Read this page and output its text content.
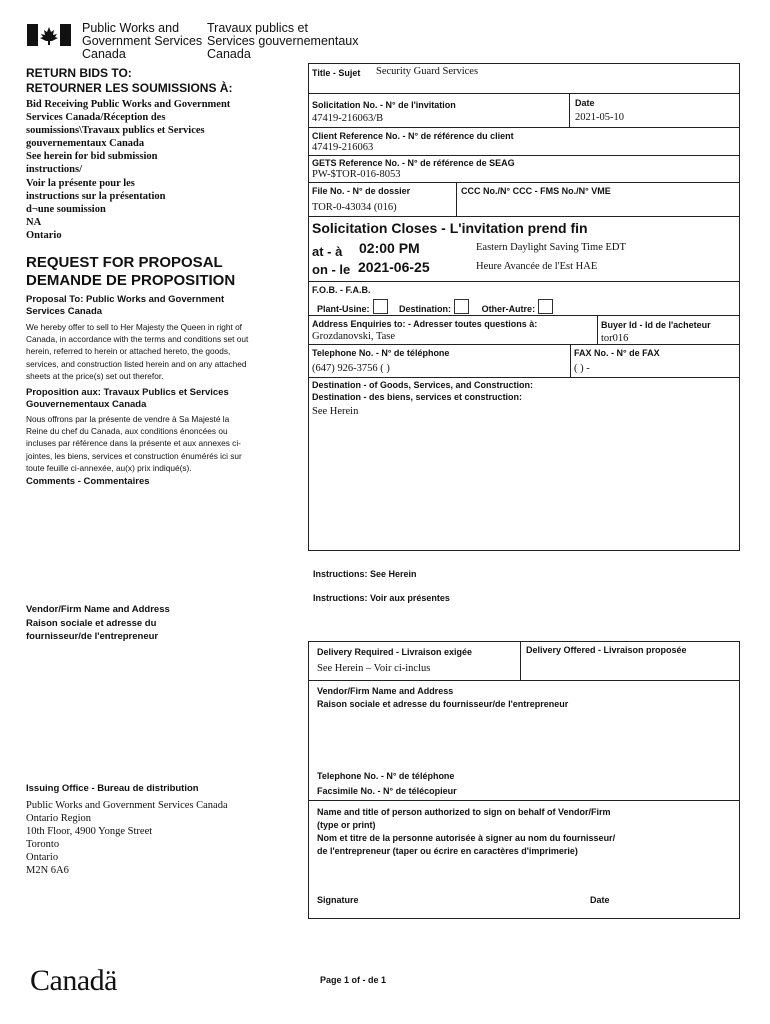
Public Works and
Government Services
Canada
Travaux publics et
Services gouvernementaux
Canada
RETURN BIDS TO:
RETOURNER LES SOUMISSIONS À:
Bid Receiving Public Works and Government
Services Canada/Réception des
soumissions\Travaux publics et Services
gouvernementaux Canada
See herein for bid submission
instructions/
Voir la présente pour les
instructions sur la présentation
d¬une soumission
NA
Ontario
REQUEST FOR PROPOSAL
DEMANDE DE PROPOSITION
Proposal To: Public Works and Government Services Canada
We hereby offer to sell to Her Majesty the Queen in right of Canada, in accordance with the terms and conditions set out herein, referred to herein or attached hereto, the goods, services, and construction listed herein and on any attached sheets at the price(s) set out therefor.
Proposition aux: Travaux Publics et Services Gouvernementaux Canada
Nous offrons par la présente de vendre à Sa Majesté la Reine du chef du Canada, aux conditions énoncées ou incluses par référence dans la présente et aux annexes ci-jointes, les biens, services et construction énumérés ici sur toute feuille ci-annexée, au(x) prix indiqué(s).
Comments - Commentaires
Vendor/Firm Name and Address
Raison sociale et adresse du
fournisseur/de l'entrepreneur
Issuing Office - Bureau de distribution
Public Works and Government Services Canada
Ontario Region
10th Floor, 4900 Yonge Street
Toronto
Ontario
M2N 6A6
Title - Sujet Security Guard Services
Solicitation No. - N° de l'invitation
47419-216063/B
Date
2021-05-10
Client Reference No. - N° de référence du client
47419-216063
GETS Reference No. - N° de référence de SEAG
PW-$TOR-016-8053
File No. - N° de dossier
TOR-0-43034 (016)
CCC No./N° CCC - FMS No./N° VME
Solicitation Closes - L'invitation prend fin
at - à 02:00 PM	Eastern Daylight Saving Time EDT
on - le 2021-06-25	Heure Avancée de l'Est HAE
F.O.B. - F.A.B.
Plant-Usine:	Destination:	Other-Autre:
Address Enquiries to: - Adresser toutes questions à:
Grozdanovski, Tase
Buyer Id - Id de l'acheteur
tor016
Telephone No. - N° de téléphone
(647) 926-3756 ( )
FAX No. - N° de FAX
( ) -
Destination - of Goods, Services, and Construction:
Destination - des biens, services et construction:
See Herein
Instructions: See Herein
Instructions: Voir aux présentes
Delivery Required - Livraison exigée
See Herein – Voir ci-inclus
Delivery Offered - Livraison proposée
Vendor/Firm Name and Address
Raison sociale et adresse du fournisseur/de l'entrepreneur
Telephone No. - N° de téléphone
Facsimile No. - N° de télécopieur
Name and title of person authorized to sign on behalf of Vendor/Firm
(type or print)
Nom et titre de la personne autorisée à signer au nom du fournisseur/
de l'entrepreneur (taper ou écrire en caractères d'imprimerie)
Signature	Date
Canadä	Page 1 of - de 1
